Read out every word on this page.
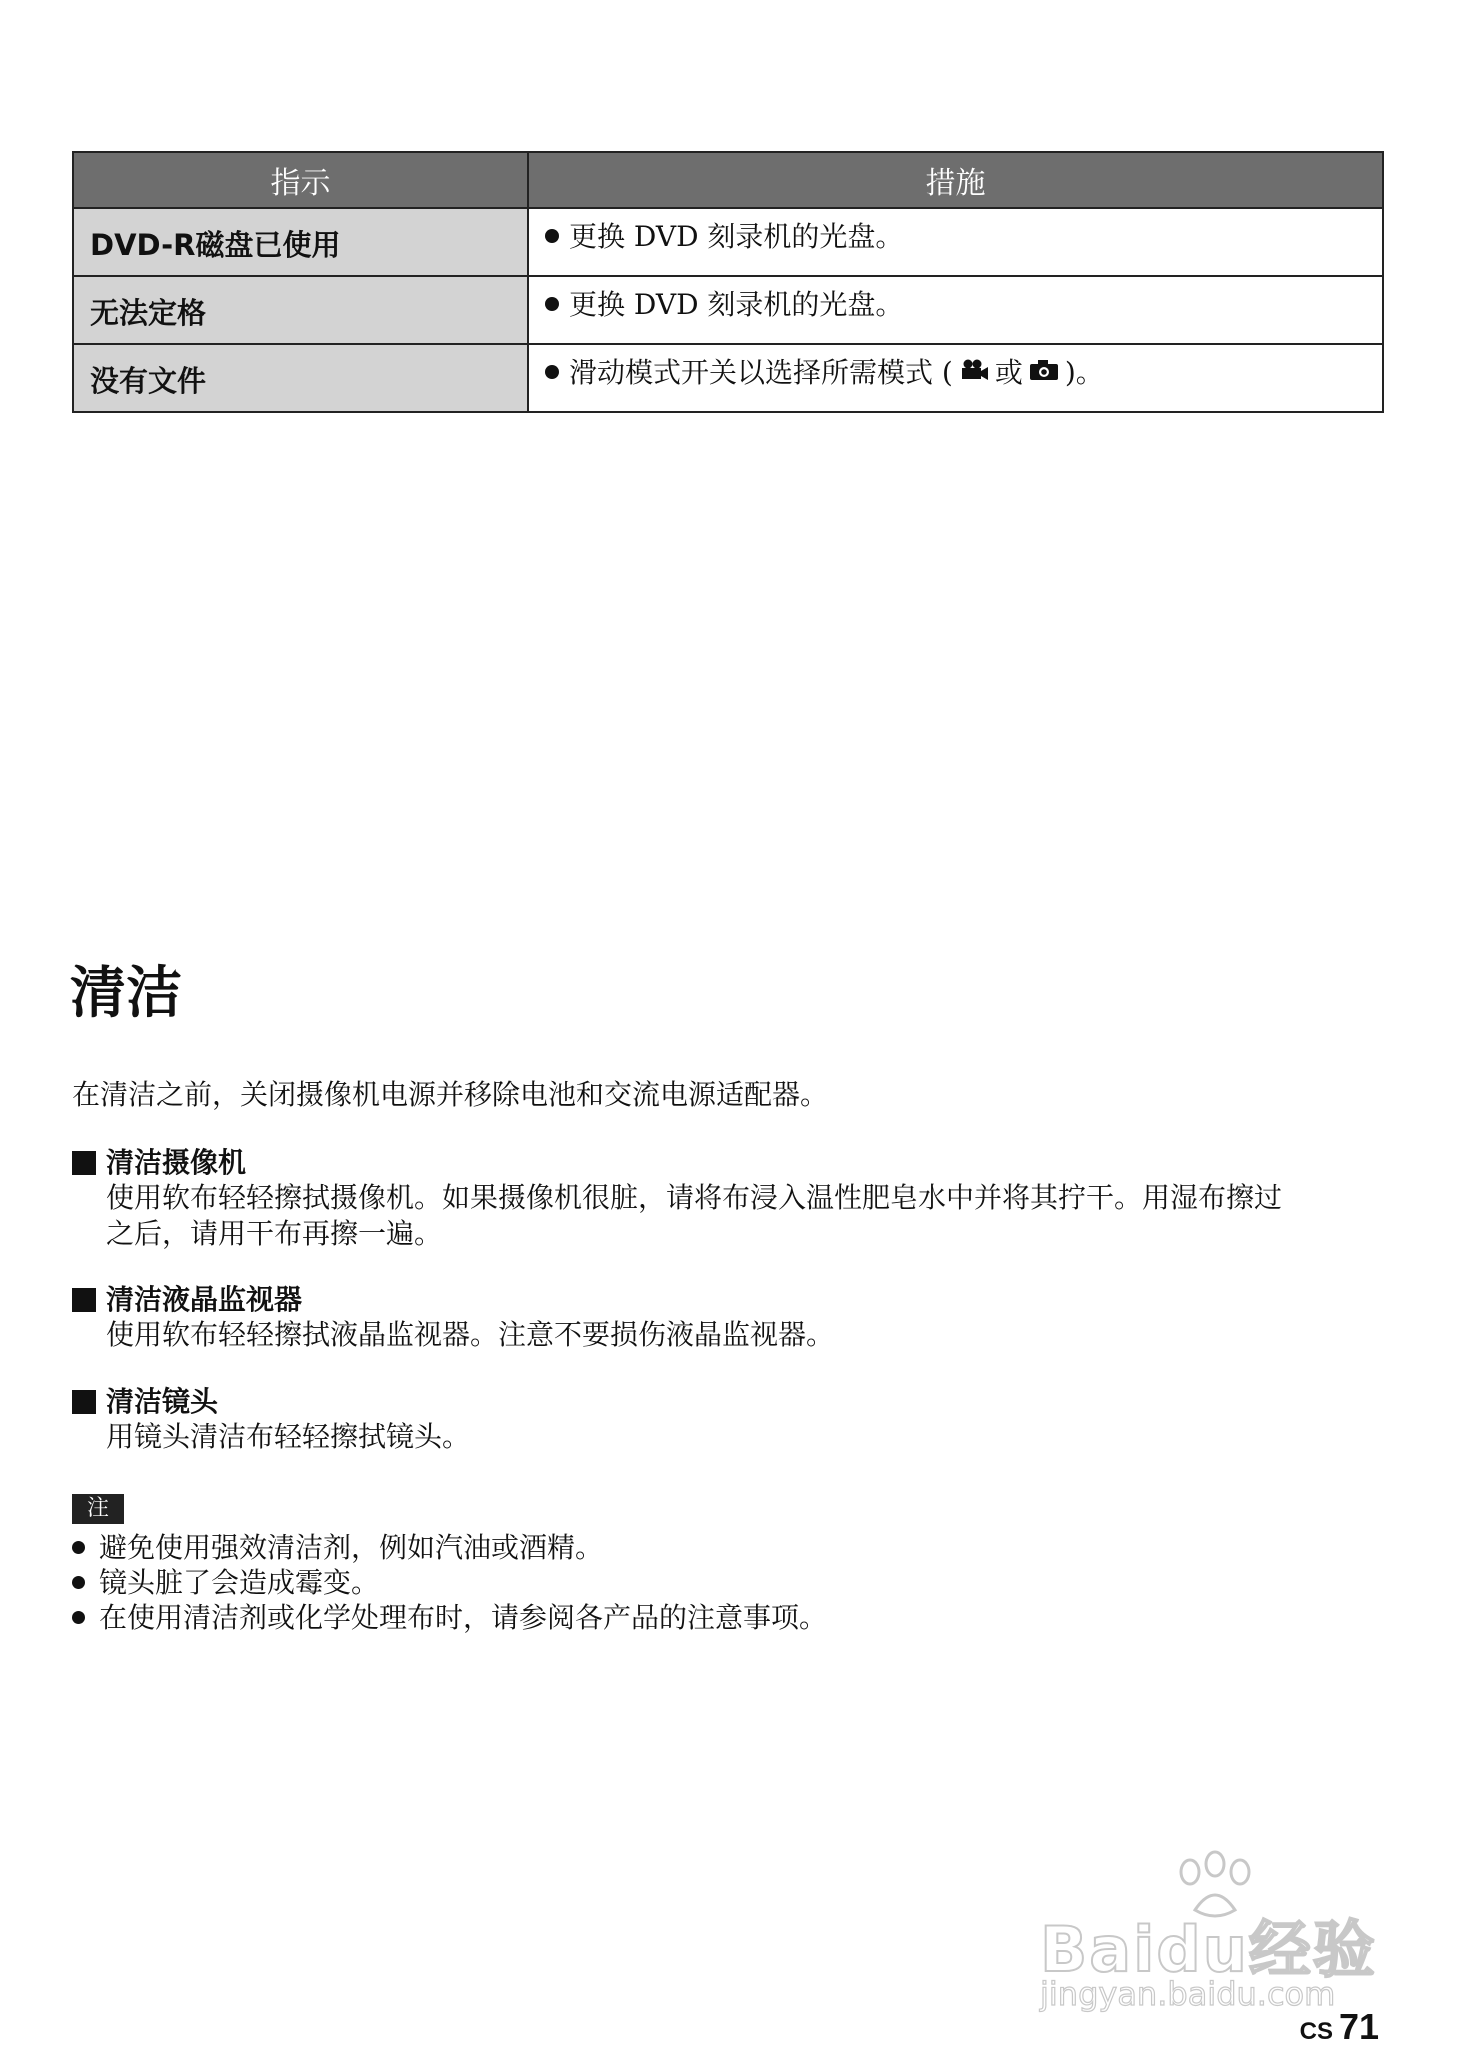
指示	措施
DVD-R磁盘已使用	更换 DVD 刻录机的光盘。
无法定格	更换 DVD 刻录机的光盘。
没有文件	滑动模式开关以选择所需模式 ( 或 )。
清洁

在清洁之前，关闭摄像机电源并移除电池和交流电源适配器。

清洁摄像机
使用软布轻轻擦拭摄像机。如果摄像机很脏，请将布浸入温性肥皂水中并将其拧干。用湿布擦过
之后，请用干布再擦一遍。
清洁液晶监视器
使用软布轻轻擦拭液晶监视器。注意不要损伤液晶监视器。
清洁镜头
用镜头清洁布轻轻擦拭镜头。
注
避免使用强效清洁剂，例如汽油或酒精。
镜头脏了会造成霉变。
在使用清洁剂或化学处理布时，请参阅各产品的注意事项。
Baidu经验
jingyan.baidu.com
CS 71
